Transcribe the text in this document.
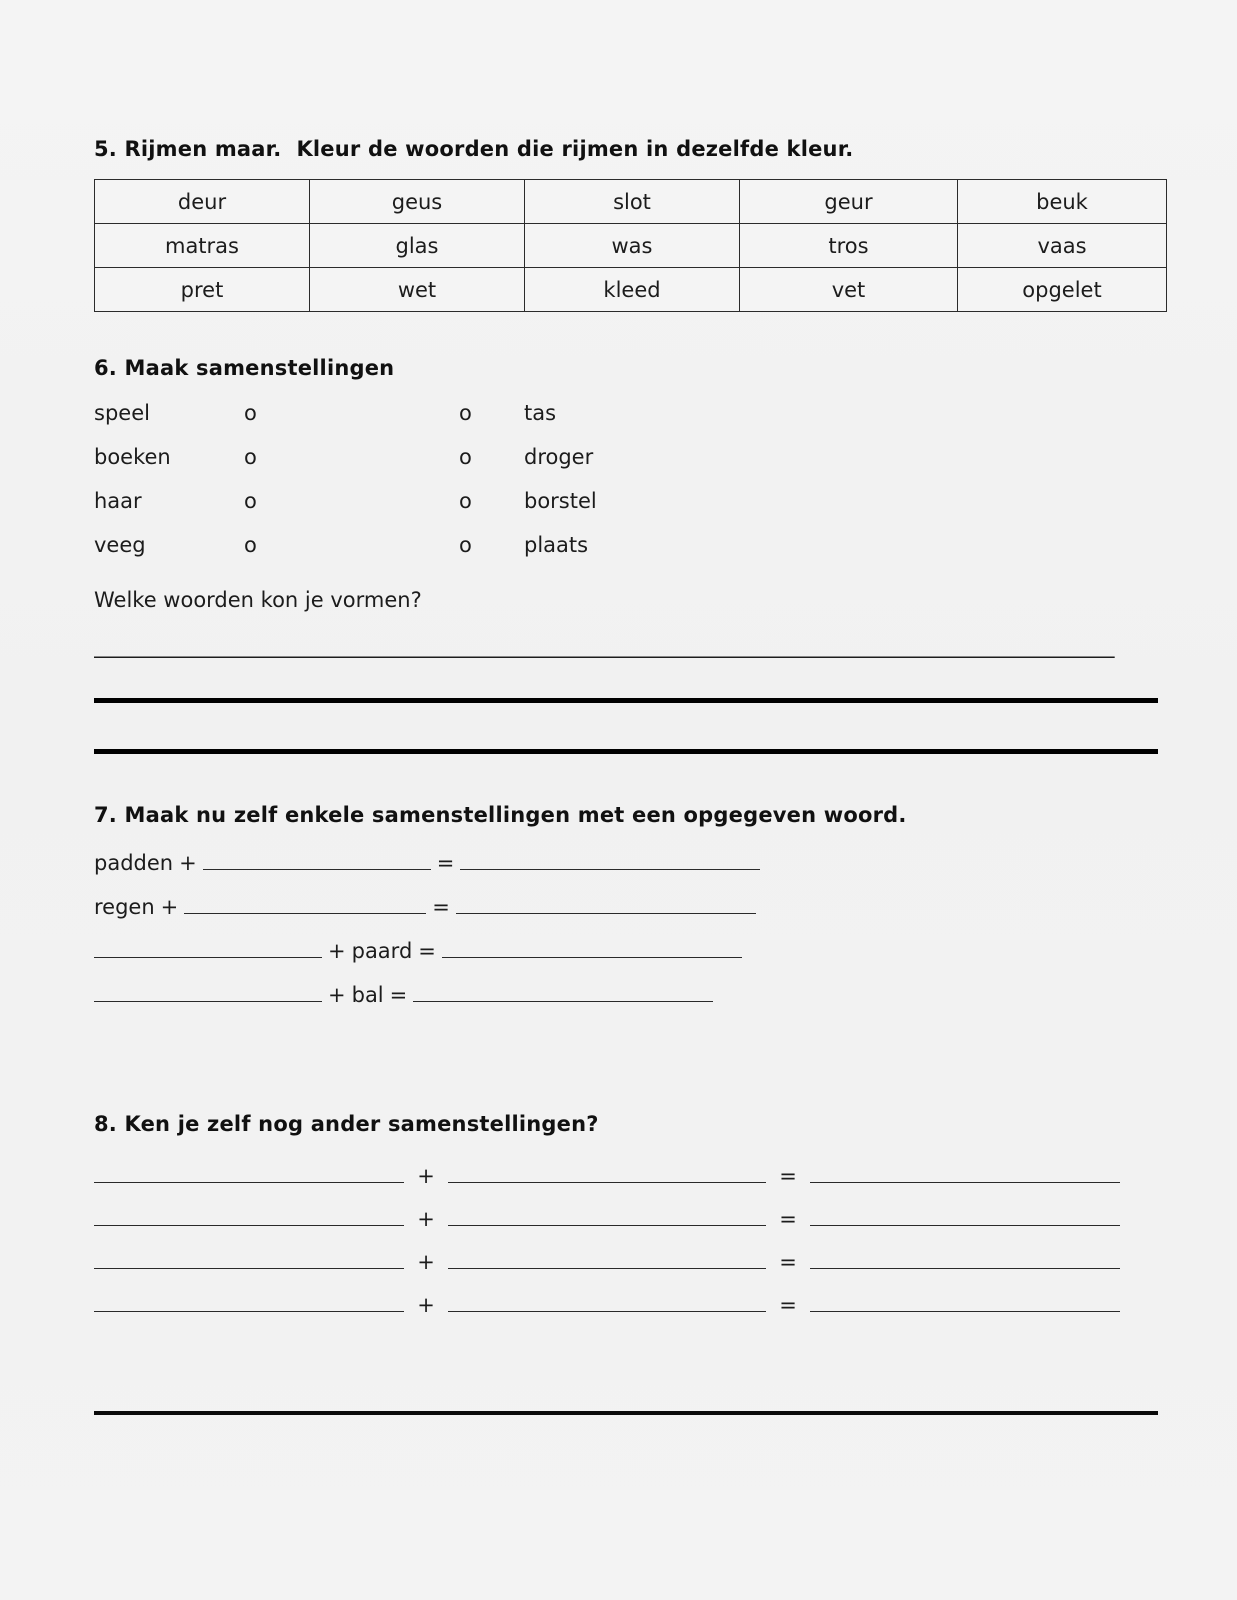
5. Rijmen maar.  Kleur de woorden die rijmen in dezelfde kleur.
deur	geus	slot	geur	beuk
matras	glas	was	tros	vaas
pret	wet	kleed	vet	opgelet
6. Maak samenstellingen
speel	o	o	tas
boeken	o	o	droger
haar	o	o	borstel
veeg	o	o	plaats
Welke woorden kon je vormen?
______________________________________________________________________________________________________
7. Maak nu zelf enkele samenstellingen met een opgegeven woord.
padden +	=
regen +	=
+ paard =
+ bal =
8. Ken je zelf nog ander samenstellingen?
+	=
+	=
+	=
+	=
